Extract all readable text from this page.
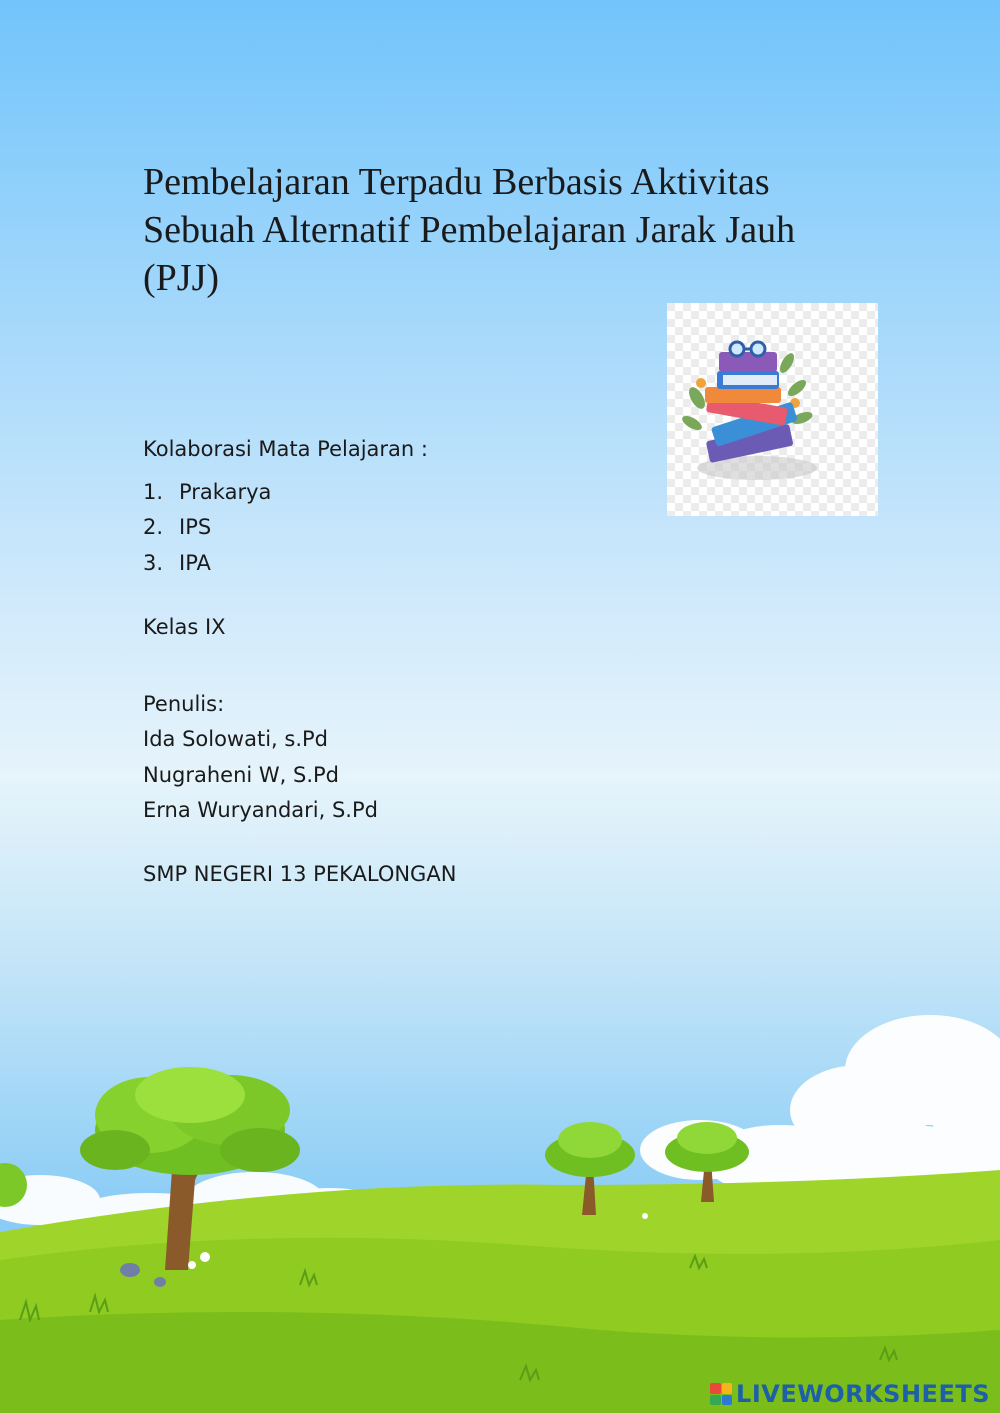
Pembelajaran Terpadu Berbasis Aktivitas
Sebuah Alternatif Pembelajaran Jarak Jauh
(PJJ)
Kolaborasi Mata Pelajaran :
1. Prakarya
2. IPS
3. IPA
Kelas IX
Penulis:
Ida Solowati, s.Pd
Nugraheni W, S.Pd
Erna Wuryandari, S.Pd
SMP NEGERI 13 PEKALONGAN
LIVEWORKSHEETS
